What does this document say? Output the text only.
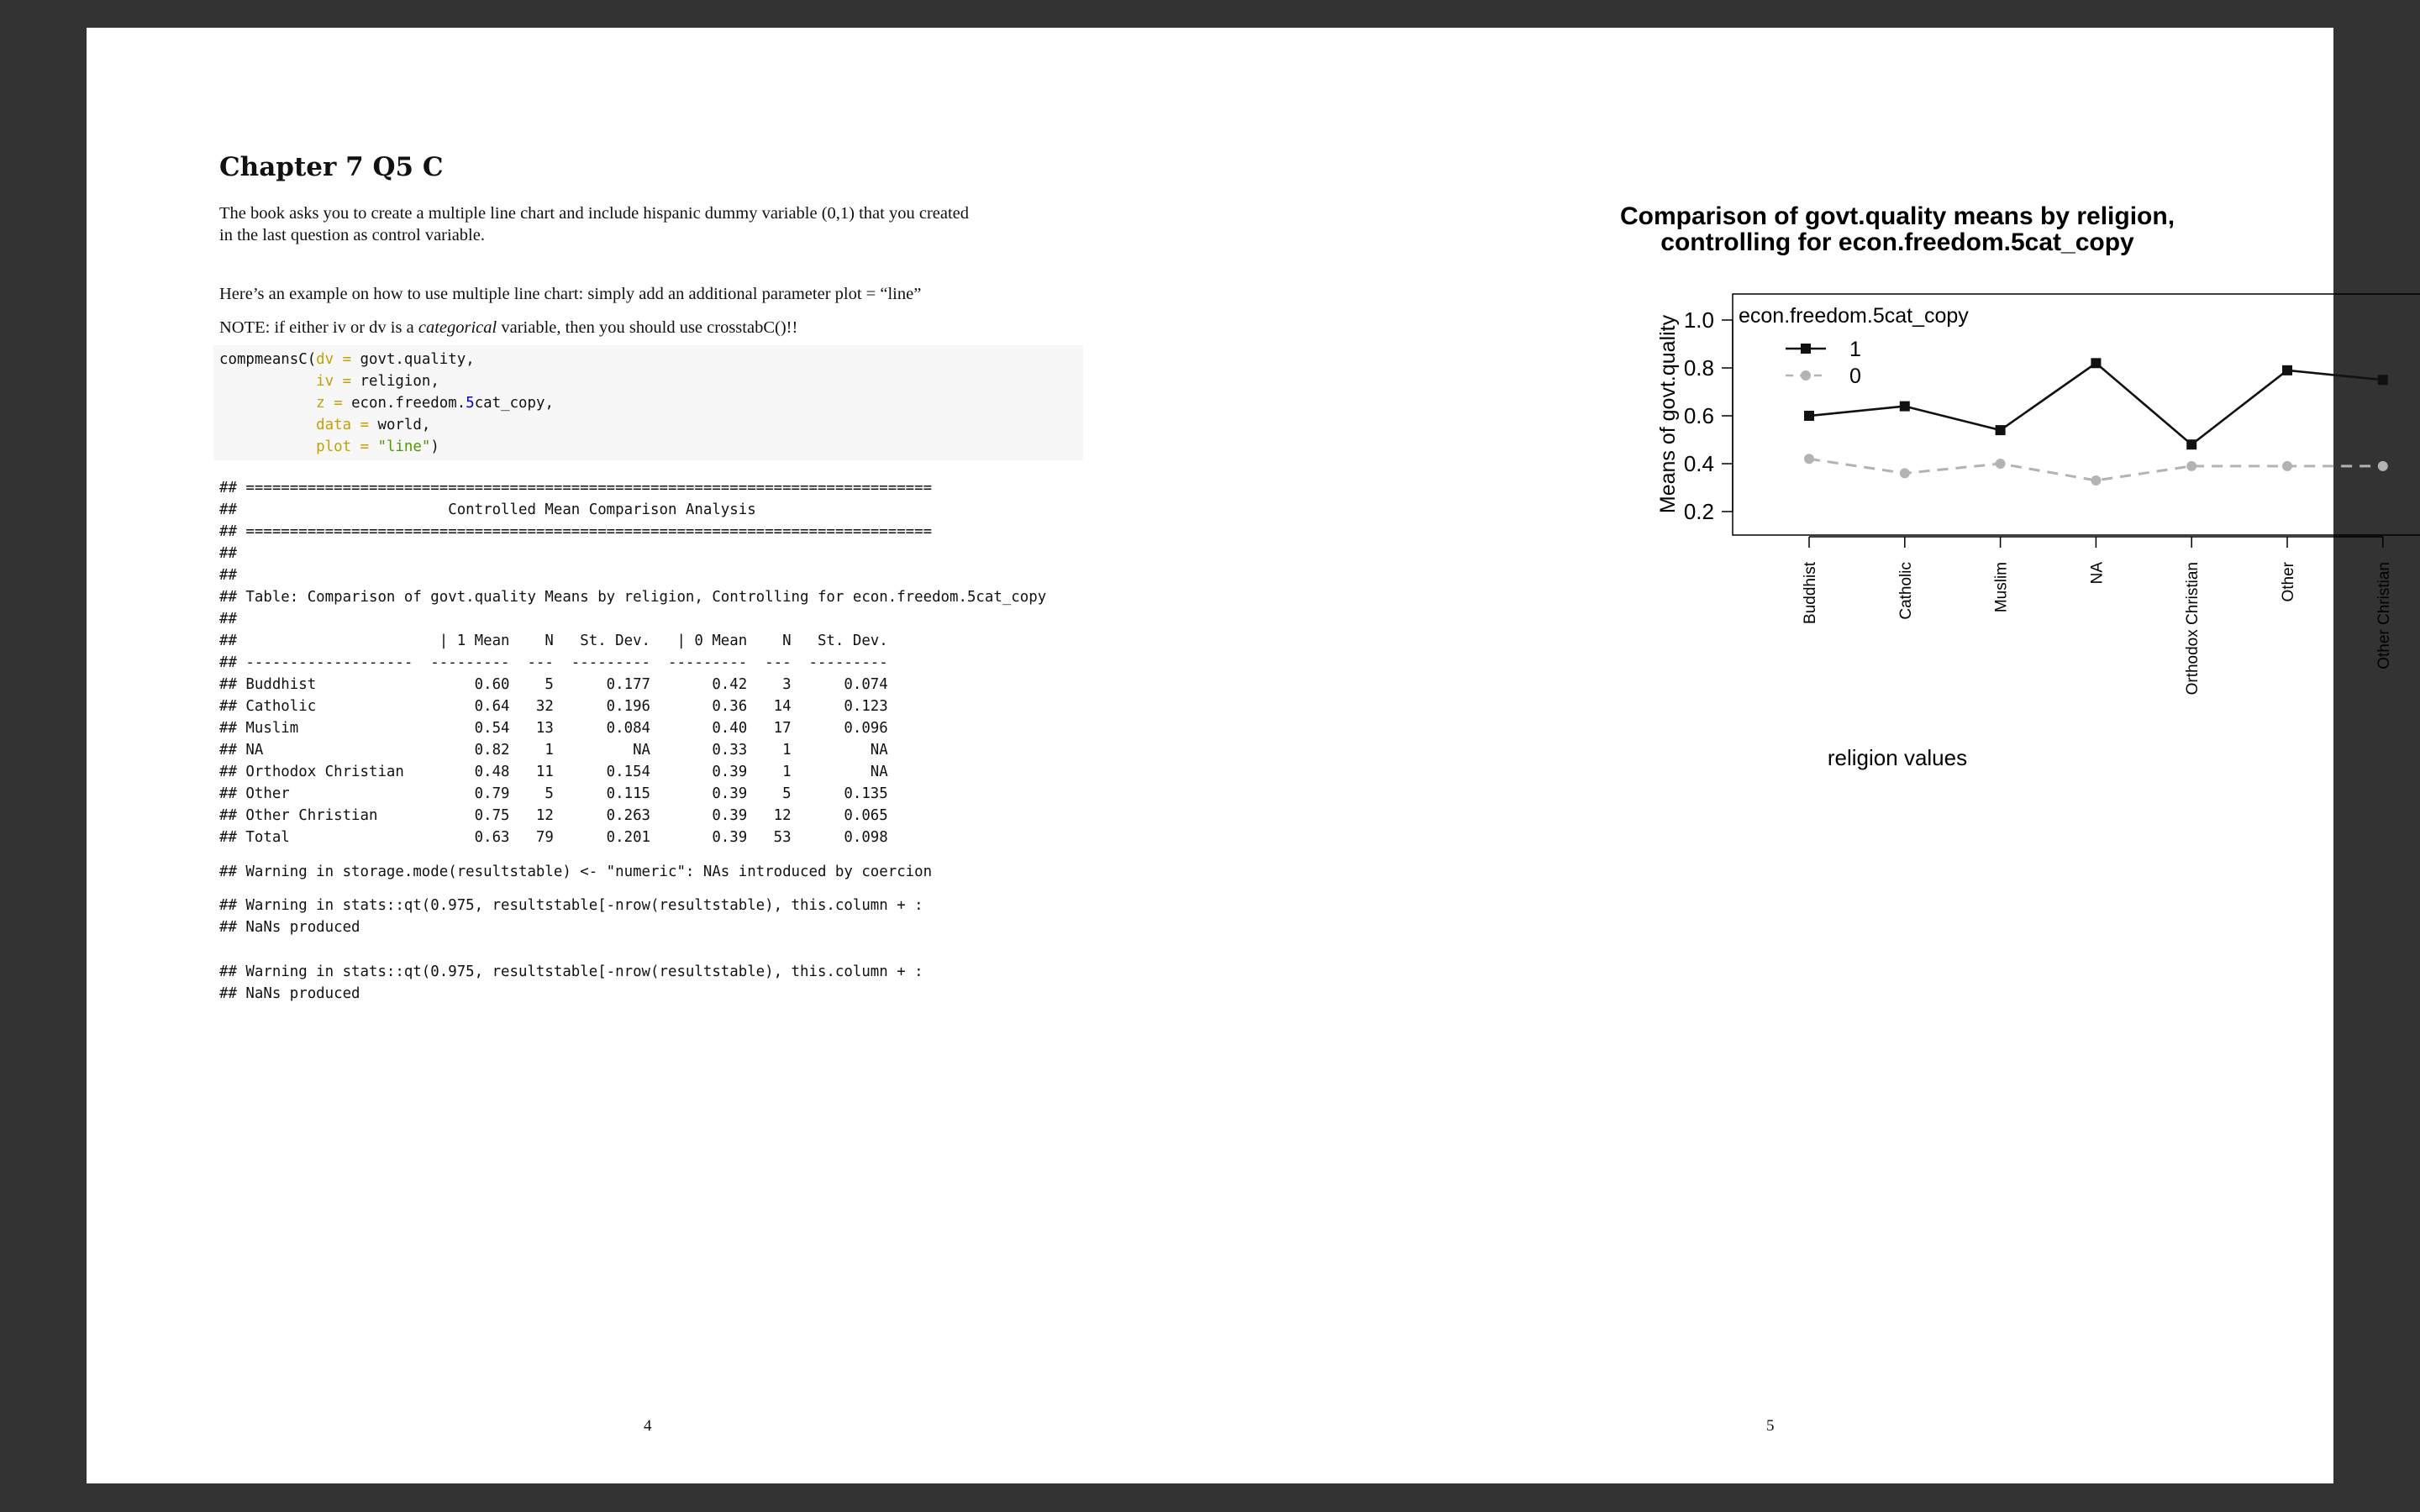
Chapter 7 Q5 C

The book asks you to create a multiple line chart and include hispanic dummy variable (0,1) that you created
in the last question as control variable.

Here’s an example on how to use multiple line chart: simply add an additional parameter plot = “line”

NOTE: if either iv or dv is a categorical variable, then you should use crosstabC()!!

compmeansC(dv = govt.quality,
iv = religion,
z = econ.freedom.5cat_copy,
data = world,
plot = "line")
## ==============================================================================
##                        Controlled Mean Comparison Analysis
## ==============================================================================
##
##
## Table: Comparison of govt.quality Means by religion, Controlling for econ.freedom.5cat_copy
##
##                       | 1 Mean    N   St. Dev.   | 0 Mean    N   St. Dev.
## -------------------  ---------  ---  ---------  ---------  ---  ---------
## Buddhist                  0.60    5      0.177       0.42    3      0.074
## Catholic                  0.64   32      0.196       0.36   14      0.123
## Muslim                    0.54   13      0.084       0.40   17      0.096
## NA                        0.82    1         NA       0.33    1         NA
## Orthodox Christian        0.48   11      0.154       0.39    1         NA
## Other                     0.79    5      0.115       0.39    5      0.135
## Other Christian           0.75   12      0.263       0.39   12      0.065
## Total                     0.63   79      0.201       0.39   53      0.098
## Warning in storage.mode(resultstable) <- "numeric": NAs introduced by coercion
## Warning in stats::qt(0.975, resultstable[-nrow(resultstable), this.column + :
## NaNs produced
## Warning in stats::qt(0.975, resultstable[-nrow(resultstable), this.column + :
## NaNs produced
4
Comparison of govt.quality means by religion,
controlling for econ.freedom.5cat_copy
0.2
0.4
0.6
0.8
1.0
Means of govt.quality
Buddhist	Catholic	Muslim	NA	Orthodox Christian	Other	Other Christian
religion values
econ.freedom.5cat_copy
1
0
5
